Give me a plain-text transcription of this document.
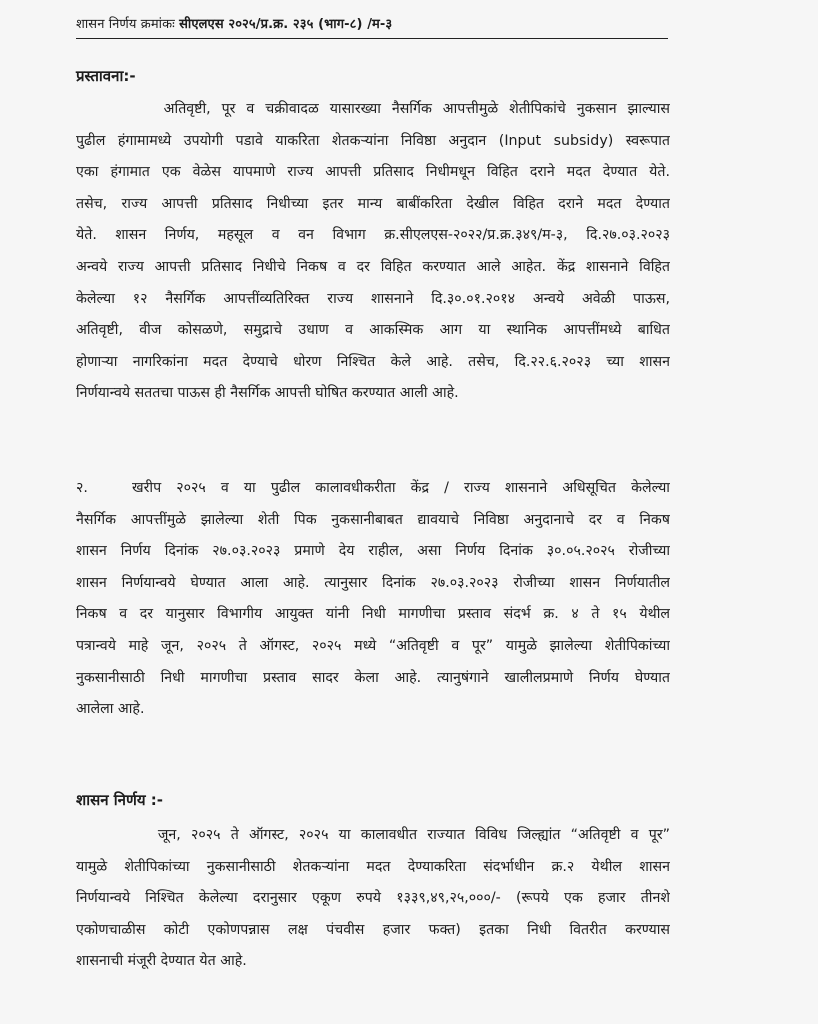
शासन निर्णय क्रमांकः सीएलएस २०२५/प्र.क्र. २३५ (भाग-८) /म-३
प्रस्तावना:-
अतिवृष्टी, पूर व चक्रीवादळ यासारख्या नैसर्गिक आपत्तीमुळे शेतीपिकांचे नुकसान झाल्यास
पुढील हंगामामध्ये उपयोगी पडावे याकरिता शेतकऱ्यांना निविष्ठा अनुदान (Input subsidy) स्वरूपात
एका हंगामात एक वेळेस यापमाणे राज्य आपत्ती प्रतिसाद निधीमधून विहित दराने मदत देण्यात येते.
तसेच, राज्य आपत्ती प्रतिसाद निधीच्या इतर मान्य बाबींकरिता देखील विहित दराने मदत देण्यात
येते. शासन निर्णय, महसूल व वन विभाग क्र.सीएलएस-२०२२/प्र.क्र.३४९/म-३, दि.२७.०३.२०२३
अन्वये राज्य आपत्ती प्रतिसाद निधीचे निकष व दर विहित करण्यात आले आहेत. केंद्र शासनाने विहित
केलेल्या १२ नैसर्गिक आपत्तींव्यतिरिक्त राज्य शासनाने दि.३०.०१.२०१४ अन्वये अवेळी पाऊस,
अतिवृष्टी, वीज कोसळणे, समुद्राचे उधाण व आकस्मिक आग या स्थानिक आपत्तींमध्ये बाधित
होणाऱ्या नागरिकांना मदत देण्याचे धोरण निश्चित केले आहे. तसेच, दि.२२.६.२०२३ च्या शासन
निर्णयान्वये सततचा पाऊस ही नैसर्गिक आपत्ती घोषित करण्यात आली आहे.
२.	खरीप २०२५ व या पुढील कालावधीकरीता केंद्र / राज्य शासनाने अधिसूचित केलेल्या
नैसर्गिक आपत्तींमुळे झालेल्या शेती पिक नुकसानीबाबत द्यावयाचे निविष्ठा अनुदानाचे दर व निकष
शासन निर्णय दिनांक २७.०३.२०२३ प्रमाणे देय राहील, असा निर्णय दिनांक ३०.०५.२०२५ रोजीच्या
शासन निर्णयान्वये घेण्यात आला आहे. त्यानुसार दिनांक २७.०३.२०२३ रोजीच्या शासन निर्णयातील
निकष व दर यानुसार विभागीय आयुक्त यांनी निधी मागणीचा प्रस्ताव संदर्भ क्र. ४ ते १५ येथील
पत्रान्वये माहे जून, २०२५ ते ऑगस्ट, २०२५ मध्ये “अतिवृष्टी व पूर” यामुळे झालेल्या शेतीपिकांच्या
नुकसानीसाठी निधी मागणीचा प्रस्ताव सादर केला आहे. त्यानुषंगाने खालीलप्रमाणे निर्णय घेण्यात
आलेला आहे.
शासन निर्णय :-
जून, २०२५ ते ऑगस्ट, २०२५ या कालावधीत राज्यात विविध जिल्ह्यांत “अतिवृष्टी व पूर”
यामुळे शेतीपिकांच्या नुकसानीसाठी शेतकऱ्यांना मदत देण्याकरिता संदर्भाधीन क्र.२ येथील शासन
निर्णयान्वये निश्चित केलेल्या दरानुसार एकूण रुपये १३३९,४९,२५,०००/- (रूपये एक हजार तीनशे
एकोणचाळीस कोटी एकोणपन्नास लक्ष पंचवीस हजार फक्त) इतका निधी वितरीत करण्यास
शासनाची मंजूरी देण्यात येत आहे.
